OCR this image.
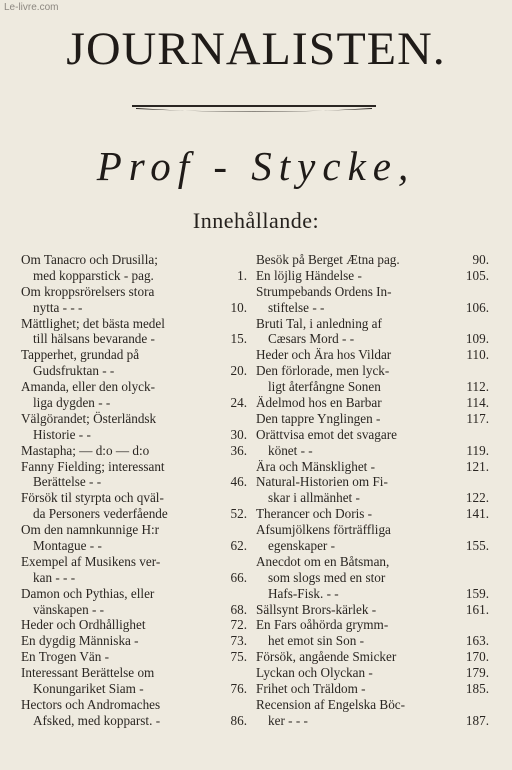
Le-livre.com
JOURNALISTEN.
Prof - Stycke,
Innehållande:
Om Tanacro och Drusilla;
med kopparstick - pag.	1.
Om kroppsrörelsers stora
nytta - - -	10.
Mättlighet; det bästa medel
till hälsans bevarande -	15.
Tapperhet, grundad på
Gudsfruktan - -	20.
Amanda, eller den olyck-
liga dygden - -	24.
Välgörandet; Österländsk
Historie - -	30.
Mastapha; — d:o — d:o	36.
Fanny Fielding; interessant
Berättelse - -	46.
Försök til styrpta och qväl-
da Personers vederfående	52.
Om den namnkunnige H:r
Montague - -	62.
Exempel af Musikens ver-
kan - - -	66.
Damon och Pythias, eller
vänskapen - -	68.
Heder och Ordhållighet	72.
En dygdig Människa -	73.
En Trogen Vän -	75.
Interessant Berättelse om
Konungariket Siam -	76.
Hectors och Andromaches
Afsked, med kopparst. -	86.
Besök på Berget Ætna pag.	90.
En löjlig Händelse -	105.
Strumpebands Ordens In-
stiftelse - -	106.
Bruti Tal, i anledning af
Cæsars Mord - -	109.
Heder och Ära hos Vildar	110.
Den förlorade, men lyck-
ligt återfångne Sonen	112.
Ädelmod hos en Barbar	114.
Den tappre Ynglingen -	117.
Orättvisa emot det svagare
könet - -	119.
Ära och Mänsklighet -	121.
Natural-Historien om Fi-
skar i allmänhet -	122.
Therancer och Doris -	141.
Afsumjölkens förträffliga
egenskaper -	155.
Anecdot om en Båtsman,
som slogs med en stor
Hafs-Fisk. - -	159.
Sällsynt Brors-kärlek -	161.
En Fars oåhörda grymm-
het emot sin Son -	163.
Försök, angående Smicker	170.
Lyckan och Olyckan -	179.
Frihet och Träldom -	185.
Recension af Engelska Böc-
ker - - -	187.
